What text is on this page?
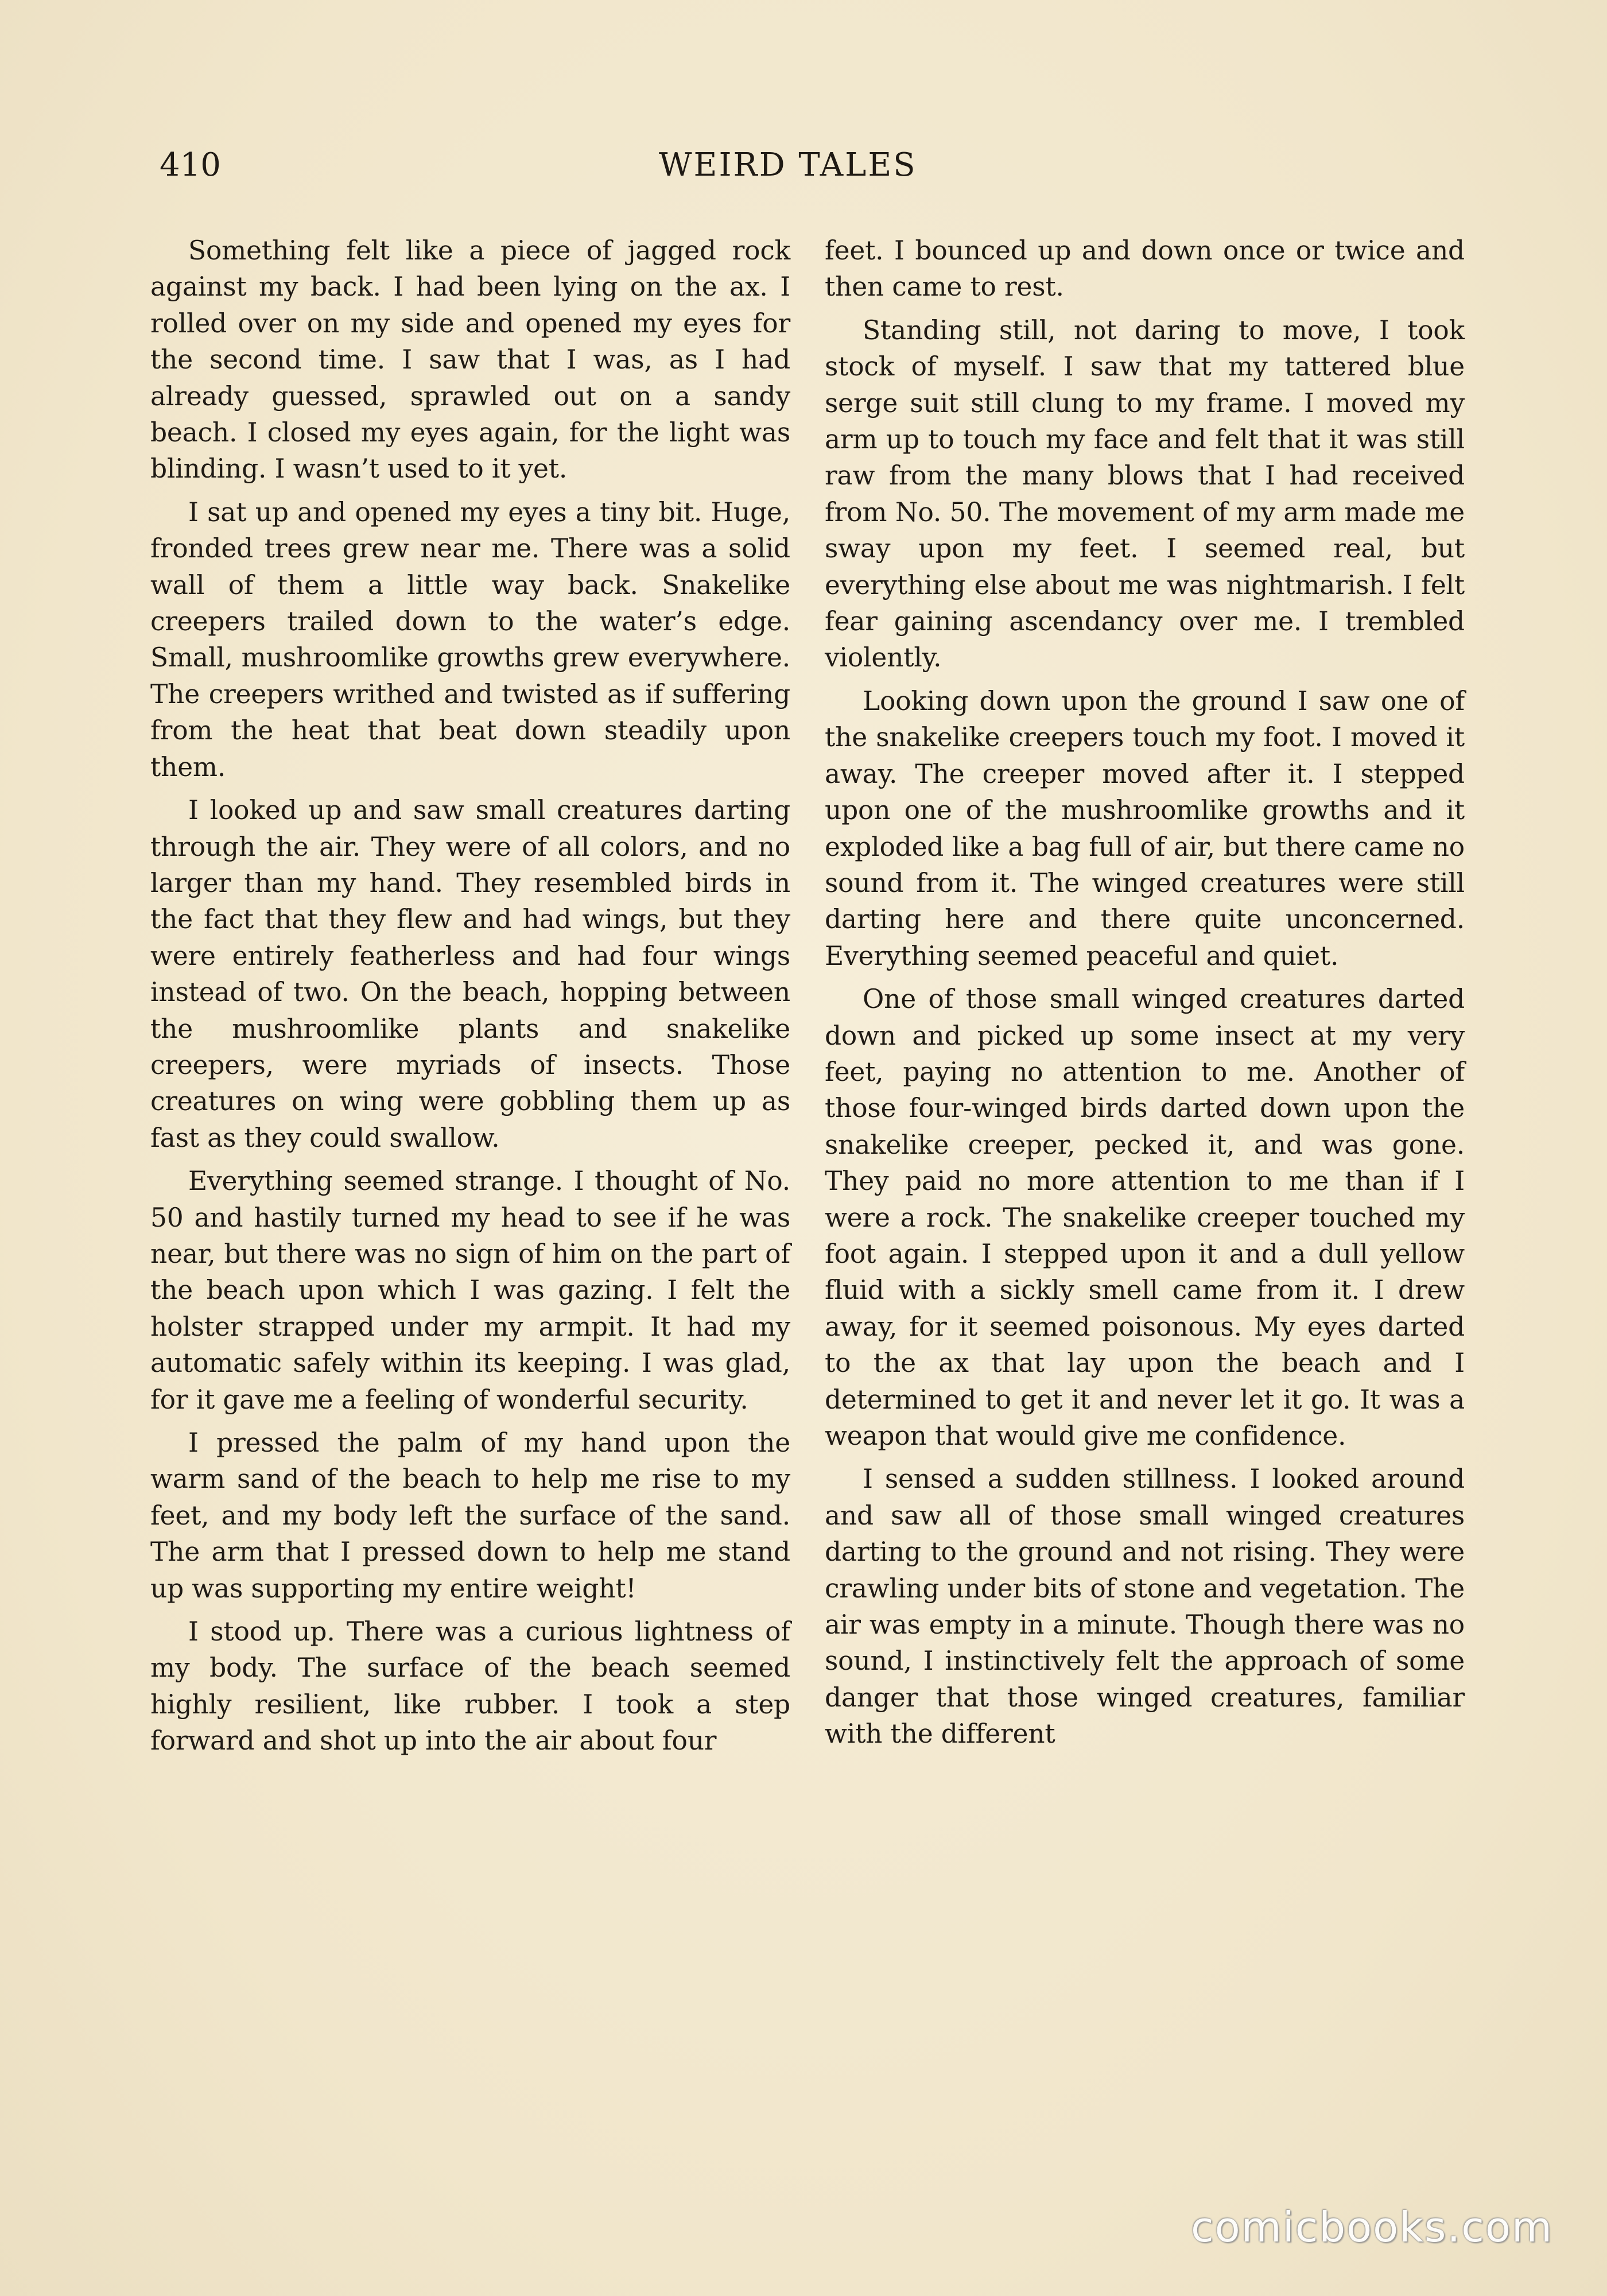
410	WEIRD TALES

Something felt like a piece of jagged rock against my back. I had been lying on the ax. I rolled over on my side and opened my eyes for the second time. I saw that I was, as I had already guessed, sprawled out on a sandy beach. I closed my eyes again, for the light was blinding. I wasn’t used to it yet.

I sat up and opened my eyes a tiny bit. Huge, fronded trees grew near me. There was a solid wall of them a little way back. Snakelike creepers trailed down to the water’s edge. Small, mushroomlike growths grew everywhere. The creepers writhed and twisted as if suffering from the heat that beat down steadily upon them.

I looked up and saw small creatures darting through the air. They were of all colors, and no larger than my hand. They resembled birds in the fact that they flew and had wings, but they were entirely featherless and had four wings instead of two. On the beach, hopping between the mushroomlike plants and snakelike creepers, were myriads of insects. Those creatures on wing were gobbling them up as fast as they could swallow.

Everything seemed strange. I thought of No. 50 and hastily turned my head to see if he was near, but there was no sign of him on the part of the beach upon which I was gazing. I felt the holster strapped under my armpit. It had my automatic safely within its keeping. I was glad, for it gave me a feeling of wonderful security.

I pressed the palm of my hand upon the warm sand of the beach to help me rise to my feet, and my body left the surface of the sand. The arm that I pressed down to help me stand up was supporting my entire weight!

I stood up. There was a curious lightness of my body. The surface of the beach seemed highly resilient, like rubber. I took a step forward and shot up into the air about four

feet. I bounced up and down once or twice and then came to rest.

Standing still, not daring to move, I took stock of myself. I saw that my tattered blue serge suit still clung to my frame. I moved my arm up to touch my face and felt that it was still raw from the many blows that I had received from No. 50. The movement of my arm made me sway upon my feet. I seemed real, but everything else about me was nightmarish. I felt fear gaining ascendancy over me. I trembled violently.

Looking down upon the ground I saw one of the snakelike creepers touch my foot. I moved it away. The creeper moved after it. I stepped upon one of the mushroomlike growths and it exploded like a bag full of air, but there came no sound from it. The winged creatures were still darting here and there quite unconcerned. Everything seemed peaceful and quiet.

One of those small winged creatures darted down and picked up some insect at my very feet, paying no attention to me. Another of those four-winged birds darted down upon the snakelike creeper, pecked it, and was gone. They paid no more attention to me than if I were a rock. The snakelike creeper touched my foot again. I stepped upon it and a dull yellow fluid with a sickly smell came from it. I drew away, for it seemed poisonous. My eyes darted to the ax that lay upon the beach and I determined to get it and never let it go. It was a weapon that would give me confidence.

I sensed a sudden stillness. I looked around and saw all of those small winged creatures darting to the ground and not rising. They were crawling under bits of stone and vegetation. The air was empty in a minute. Though there was no sound, I instinctively felt the approach of some danger that those winged creatures, familiar with the different

comicbooks.com
